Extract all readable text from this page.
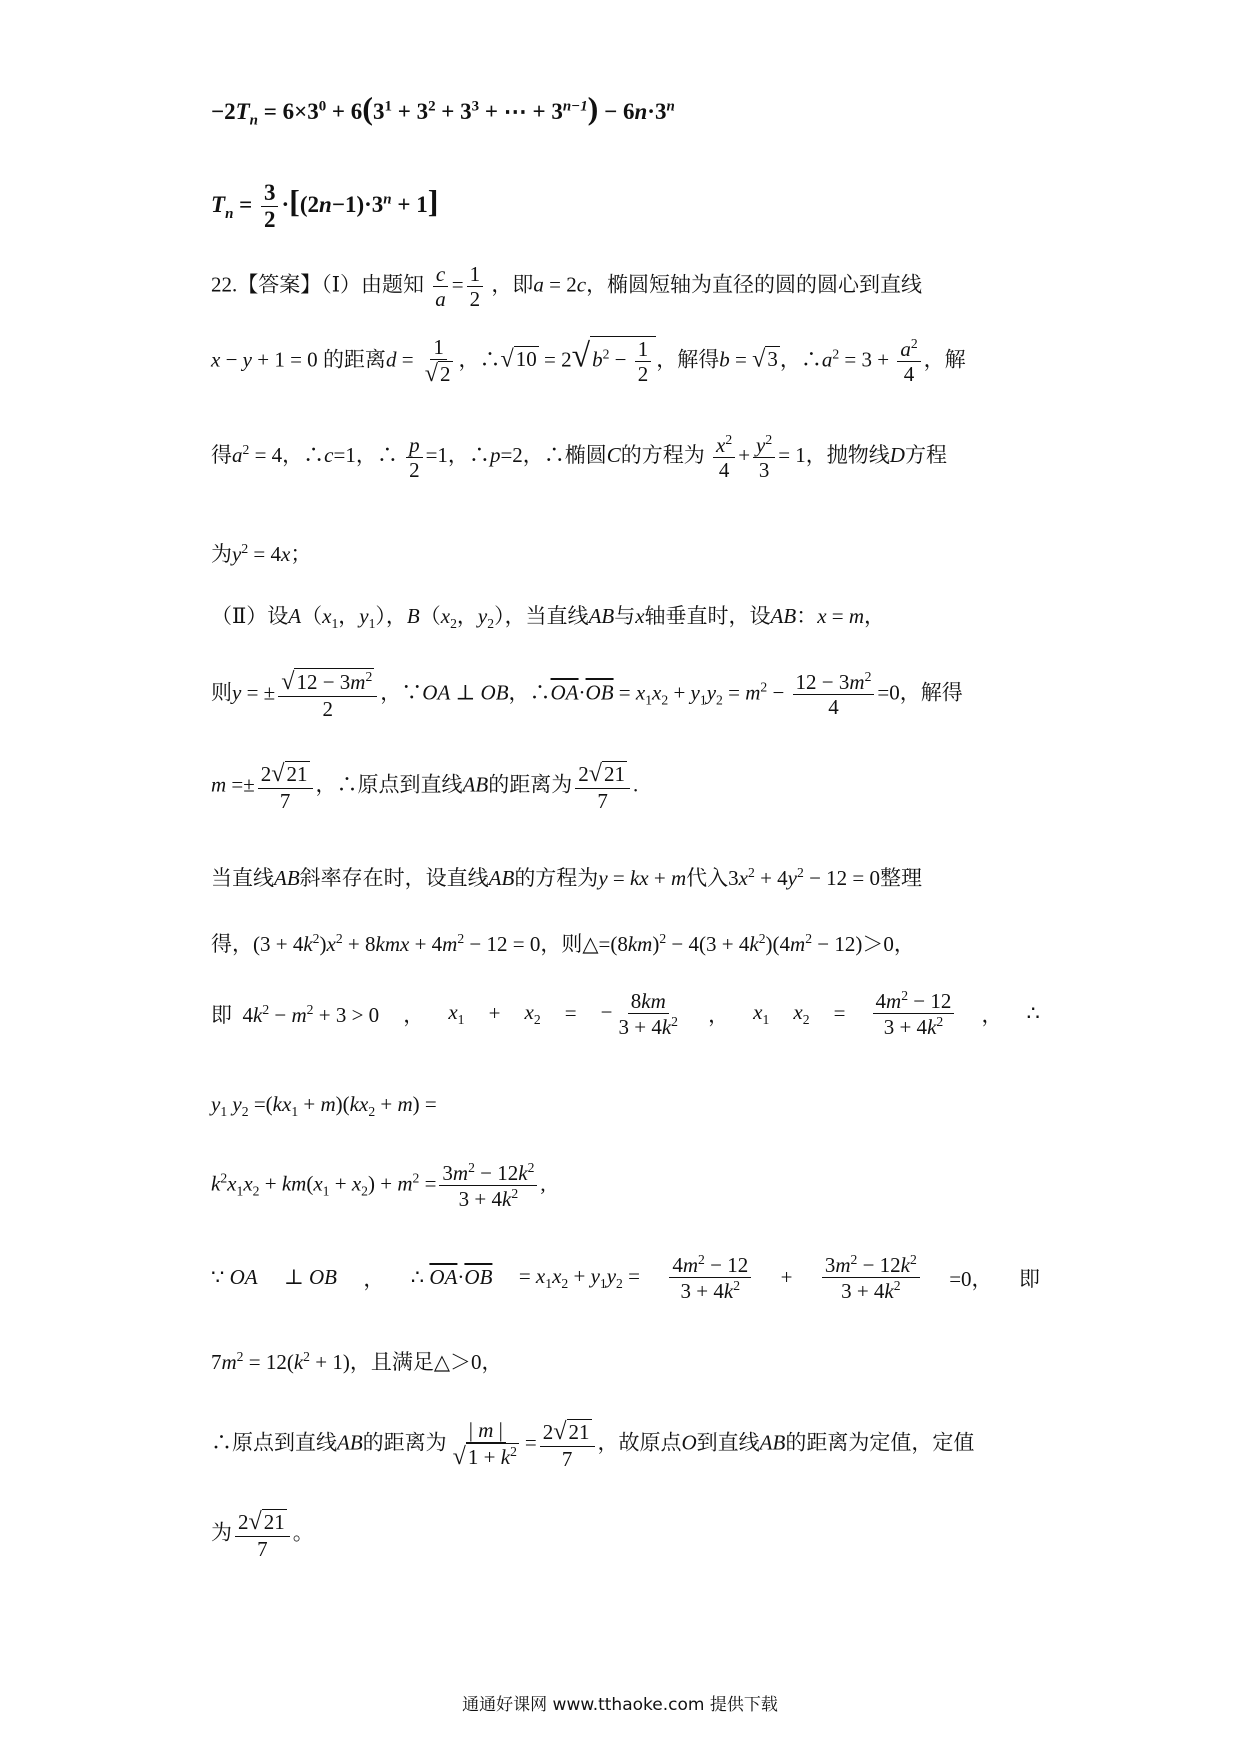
$-2T_n = 6\times 3^0 + 6(3^1 + 3^2 + 3^3$ + ⋯ + $3^{n-1}) - 6n\cdot 3^n$
$T_n = \frac{3}{2} \cdot[(2n-1)\cdot 3^n + 1]$
22.【答案】（Ⅰ）由题知 $\frac{c}{a} = \frac{1}{2}$ ，即a = 2c，椭圆短轴为直径的圆的圆心到直线
x − y + 1 = 0 的距离$d = \frac{1}{√2}$ ，∴√10 = $2√b^2 - \frac{1}{2}$ ，解得b = √3，$\therefore a^2 = 3 + \frac{a^2}{4}$ ，解
得$a^2 = 4$，∴c=1，∴ $\frac{p}{2} =1$，∴p=2，∴椭圆C的方程为 $\frac{x^2}{4} + \frac{y^2}{3} = 1$，抛物线D方程
为$y^2 = 4x$；
（Ⅱ）设$A(x_1$，$y_1$），$B(x_2$，$y_2$），当直线AB与x轴垂直时，设AB：x = m，
则y = ± $\frac{√12 - 3m^2}{2}$ ，∵OA ⊥ OB，$\therefore\overline{OA}\cdot\overline{OB} = x_1x_2 + y_1y_2 = m^2 - \frac{12 - 3m^2}{4} =0$，解得
$m =\pm \frac{2√21}{7}$ ，∴原点到直线AB的距离为 $\frac{2√21}{7}$ .
当直线AB斜率存在时，设直线AB的方程为y = kx + m代入$3x^2 + 4y^2 - 12 = 0$整理
得，$(3 + 4k^2)x^2 + 8kmx + 4m^2 - 12 = 0$，则$\triangle=(8km)^2 - 4(3 + 4k^2)(4m^2 - 12)>0$，
即  $4k^2 - m^2 + 3 > 0$ ， $x_1 + x_2$ = − $\frac{8km}{3 + 4k^2}$ ， $x_1$ $x_2 = \frac{4m^2 - 12}{3 + 4k^2}$ ， ∴
$y_1$ $y_2 =(kx_1 + m)(kx_2 + m)$ =
$k^2x_1x_2 + km(x_1 + x_2) + m^2 = \frac{3m^2 - 12k^2}{3 + 4k^2}$ ,
∵ OA ⊥ OB ， ∴ $\overline{OA}\cdot\overline{OB} = x_1x_2 + y_1y_2 = \frac{4m^2 - 12}{3 + 4k^2} + \frac{3m^2 - 12k^2}{3 + 4k^2} =0$， 即
$7m^2 = 12(k^2 + 1)$，且满足△＞0，
∴原点到直线AB的距离为 $\frac{| m |}{√1 + k^2} = \frac{2√21}{7}$ ，故原点O到直线AB的距离为定值，定值
为 $\frac{2√21}{7}$ 。
通通好课网 www.tthaoke.com 提供下载
